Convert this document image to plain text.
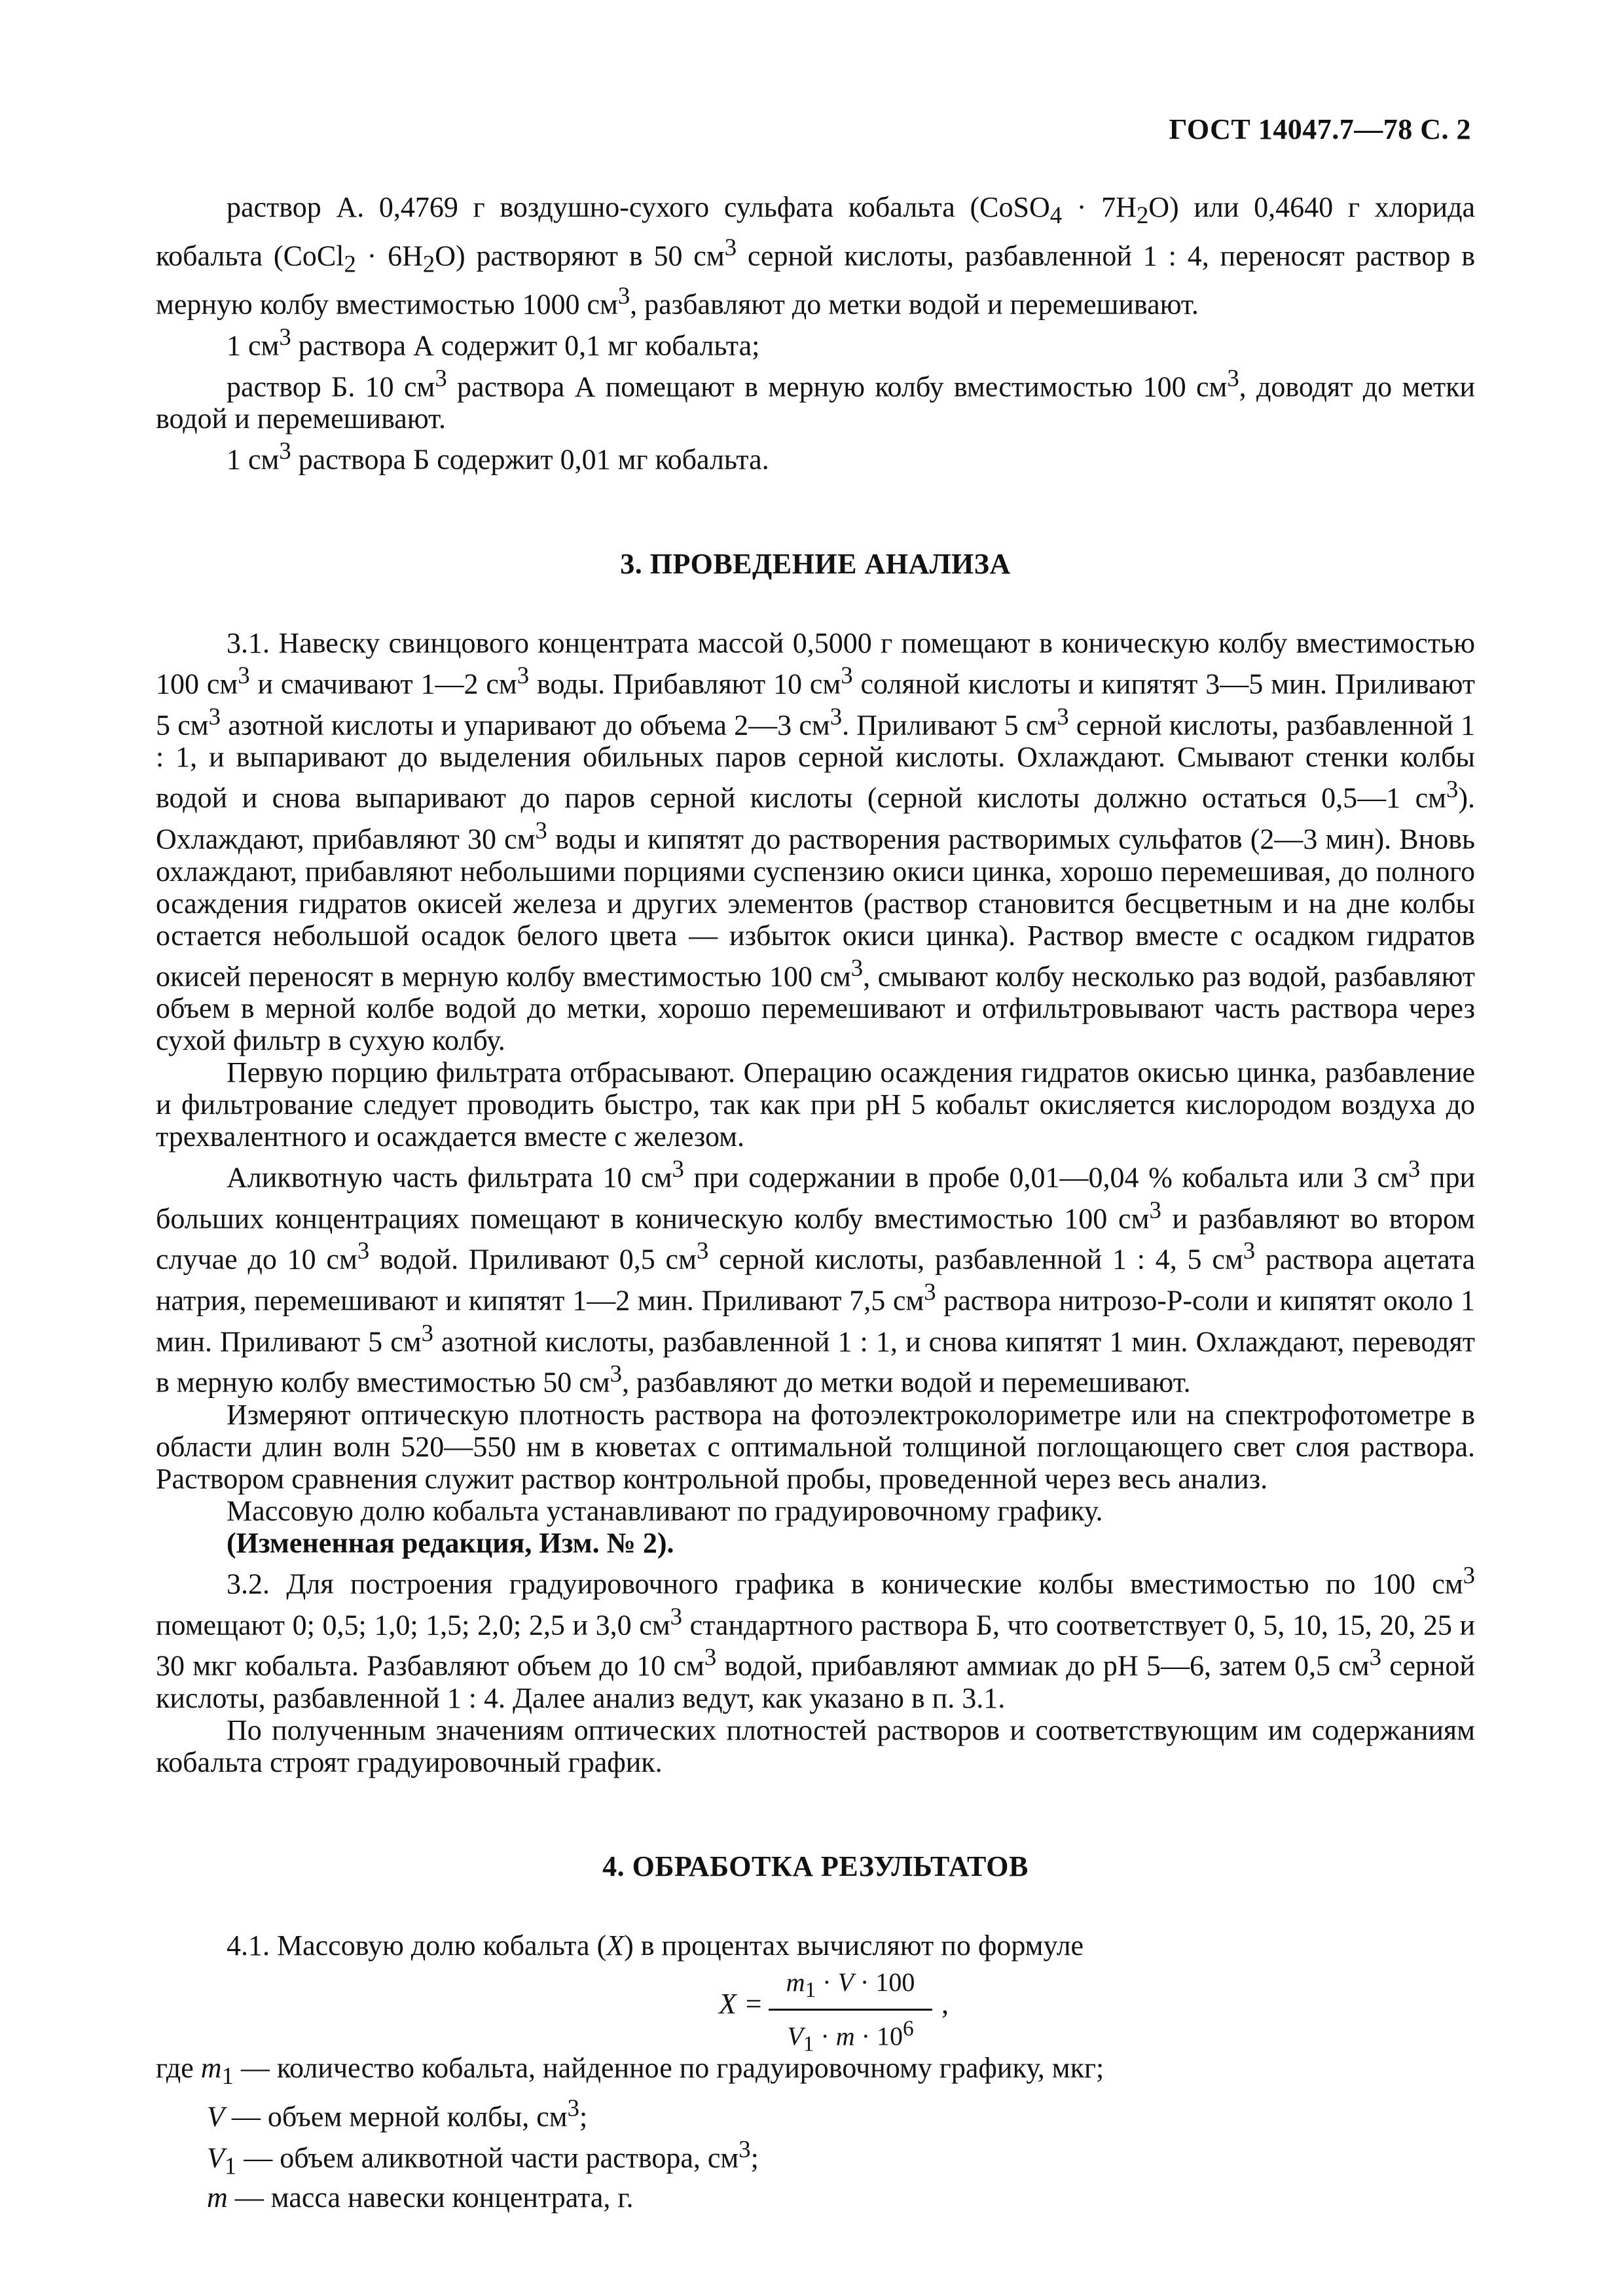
ГОСТ 14047.7—78 С. 2

раствор А. 0,4769 г воздушно-сухого сульфата кобальта (CoSO$_4$ · $7H_2O$) или 0,4640 г хлорида кобальта (CoCl$_2$ · $6H_2O$) растворяют в 50 $см^3$ серной кислоты, разбавленной 1 : 4, переносят раствор в мерную колбу вместимостью 1000 $см^3$, разбавляют до метки водой и перемешивают.

1 $см^3$ раствора А содержит 0,1 мг кобальта;

раствор Б. 10 $см^3$ раствора А помещают в мерную колбу вместимостью 100 $см^3$, доводят до метки водой и перемешивают.

1 $см^3$ раствора Б содержит 0,01 мг кобальта.

3. ПРОВЕДЕНИЕ АНАЛИЗА

3.1. Навеску свинцового концентрата массой 0,5000 г помещают в коническую колбу вместимостью 100 $см^3$ и смачивают 1—2 $см^3$ воды. Прибавляют 10 $см^3$ соляной кислоты и кипятят 3—5 мин. Приливают 5 $см^3$ азотной кислоты и упаривают до объема 2—3 $см^3$. Приливают 5 $см^3$ серной кислоты, разбавленной 1 : 1, и выпаривают до выделения обильных паров серной кислоты. Охлаждают. Смывают стенки колбы водой и снова выпаривают до паров серной кислоты (серной кислоты должно остаться 0,5—1 $см^3$). Охлаждают, прибавляют 30 $см^3$ воды и кипятят до растворения растворимых сульфатов (2—3 мин). Вновь охлаждают, прибавляют небольшими порциями суспензию окиси цинка, хорошо перемешивая, до полного осаждения гидратов окисей железа и других элементов (раствор становится бесцветным и на дне колбы остается небольшой осадок белого цвета — избыток окиси цинка). Раствор вместе с осадком гидратов окисей переносят в мерную колбу вместимостью 100 $см^3$, смывают колбу несколько раз водой, разбавляют объем в мерной колбе водой до метки, хорошо перемешивают и отфильтровывают часть раствора через сухой фильтр в сухую колбу.

Первую порцию фильтрата отбрасывают. Операцию осаждения гидратов окисью цинка, разбавление и фильтрование следует проводить быстро, так как при pH 5 кобальт окисляется кислородом воздуха до трехвалентного и осаждается вместе с железом.

Аликвотную часть фильтрата 10 $см^3$ при содержании в пробе 0,01—0,04 % кобальта или 3 $см^3$ при больших концентрациях помещают в коническую колбу вместимостью 100 $см^3$ и разбавляют во втором случае до 10 $см^3$ водой. Приливают 0,5 $см^3$ серной кислоты, разбавленной 1 : 4, 5 $см^3$ раствора ацетата натрия, перемешивают и кипятят 1—2 мин. Приливают 7,5 $см^3$ раствора нитрозо-Р-соли и кипятят около 1 мин. Приливают 5 $см^3$ азотной кислоты, разбавленной 1 : 1, и снова кипятят 1 мин. Охлаждают, переводят в мерную колбу вместимостью 50 $см^3$, разбавляют до метки водой и перемешивают.

Измеряют оптическую плотность раствора на фотоэлектроколориметре или на спектрофотометре в области длин волн 520—550 нм в кюветах с оптимальной толщиной поглощающего свет слоя раствора. Раствором сравнения служит раствор контрольной пробы, проведенной через весь анализ.

Массовую долю кобальта устанавливают по градуировочному графику.

(Измененная редакция, Изм. № 2).

3.2. Для построения градуировочного графика в конические колбы вместимостью по 100 $см^3$ помещают 0; 0,5; 1,0; 1,5; 2,0; 2,5 и 3,0 $см^3$ стандартного раствора Б, что соответствует 0, 5, 10, 15, 20, 25 и 30 мкг кобальта. Разбавляют объем до 10 $см^3$ водой, прибавляют аммиак до pH 5—6, затем 0,5 $см^3$ серной кислоты, разбавленной 1 : 4. Далее анализ ведут, как указано в п. 3.1.

По полученным значениям оптических плотностей растворов и соответствующим им содержаниям кобальта строят градуировочный график.

4. ОБРАБОТКА РЕЗУЛЬТАТОВ

4.1. Массовую долю кобальта (X) в процентах вычисляют по формуле

X =
$m_1 \cdot V \cdot 100$
$V_1 \cdot m \cdot 10^6$
,

где $m_1$ — количество кобальта, найденное по градуировочному графику, мкг;

V — объем мерной колбы, $см^3$;

$V_1$ — объем аликвотной части раствора, $см^3$;

m — масса навески концентрата, г.
